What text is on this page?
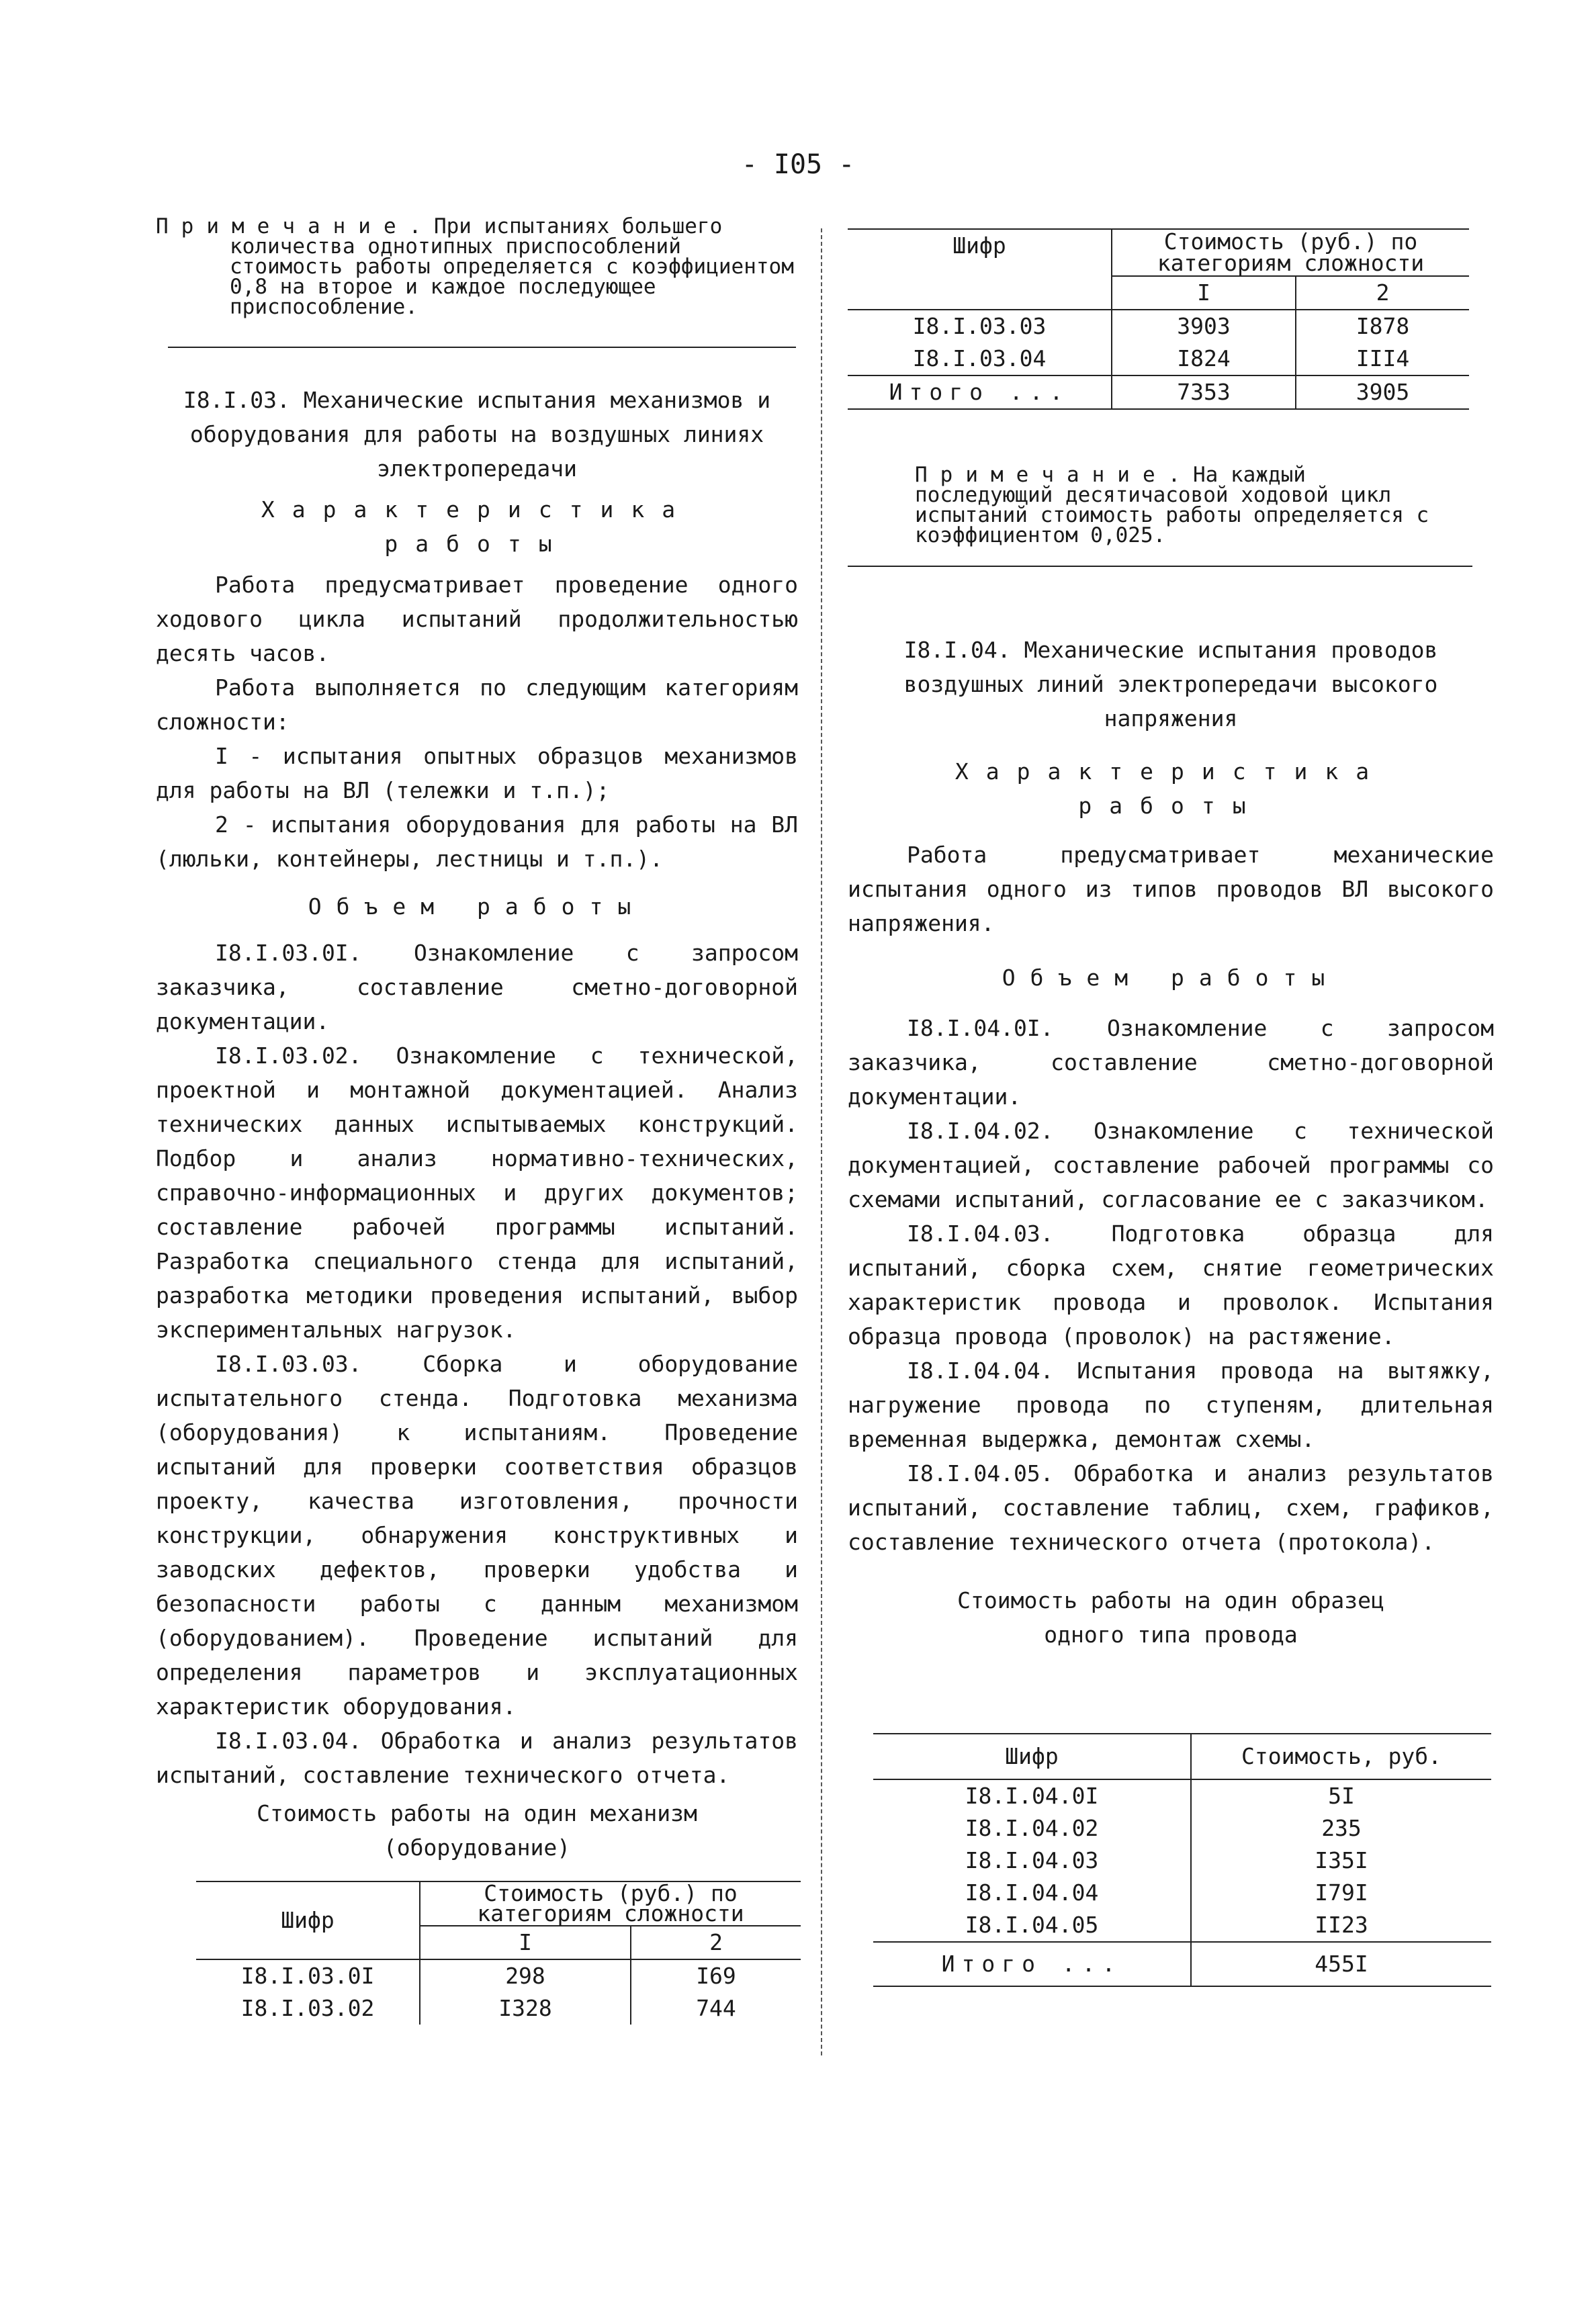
- I05 -
Примечание. При испытаниях большего количества однотипных приспособлений стоимость работы определяется с коэффициентом 0,8 на второе и каждое последующее приспособление.

I8.I.03. Механические испытания механизмов и оборудования для работы на воздушных линиях электропередачи

Характеристика работы

Работа предусматривает проведение одного ходового цикла испытаний продолжительностью десять часов.

Работа выполняется по следующим категориям сложности:

I - испытания опытных образцов механизмов для работы на ВЛ (тележки и т.п.);

2 - испытания оборудования для работы на ВЛ (люльки, контейнеры, лестницы и т.п.).

Объем работы

I8.I.03.0I. Ознакомление с запросом заказчика, составление сметно-договорной документации.

I8.I.03.02. Ознакомление с технической, проектной и монтажной документацией. Анализ технических данных испытываемых конструкций. Подбор и анализ нормативно-технических, справочно-информационных и других документов; составление рабочей программы испытаний. Разработка специального стенда для испытаний, разработка методики проведения испытаний, выбор экспериментальных нагрузок.

I8.I.03.03. Сборка и оборудование испытательного стенда. Подготовка механизма (оборудования) к испытаниям. Проведение испытаний для проверки соответствия образцов проекту, качества изготовления, прочности конструкции, обнаружения конструктивных и заводских дефектов, проверки удобства и безопасности работы с данным механизмом (оборудованием). Проведение испытаний для определения параметров и эксплуатационных характеристик оборудования.

I8.I.03.04. Обработка и анализ результатов испытаний, составление технического отчета.

Стоимость работы на один механизм

(оборудование)

Шифр	Стоимость (руб.) по категориям сложности	
	I	2
I8.I.03.0I	298	I69
I8.I.03.02	I328	744
Шифр	Стоимость (руб.) по категориям сложности	
	I	2
I8.I.03.03	3903	I878
I8.I.03.04	I824	III4
Итого ...	7353	3905
Примечание. На каждый последующий десятичасовой ходовой цикл испытаний стоимость работы определяется с коэффициентом 0,025.

I8.I.04. Механические испытания проводов воздушных линий электропередачи высокого напряжения

Характеристика работы

Работа предусматривает механические испытания одного из типов проводов ВЛ высокого напряжения.

Объем работы

I8.I.04.0I. Ознакомление с запросом заказчика, составление сметно-договорной документации.

I8.I.04.02. Ознакомление с технической документацией, составление рабочей программы со схемами испытаний, согласование ее с заказчиком.

I8.I.04.03. Подготовка образца для испытаний, сборка схем, снятие геометрических характеристик провода и проволок. Испытания образца провода (проволок) на растяжение.

I8.I.04.04. Испытания провода на вытяжку, нагружение провода по ступеням, длительная временная выдержка, демонтаж схемы.

I8.I.04.05. Обработка и анализ результатов испытаний, составление таблиц, схем, графиков, составление технического отчета (протокола).

Стоимость работы на один образец

одного типа провода

Шифр	Стоимость, руб.
I8.I.04.0I	5I
I8.I.04.02	235
I8.I.04.03	I35I
I8.I.04.04	I79I
I8.I.04.05	II23
Итого ...	455I
